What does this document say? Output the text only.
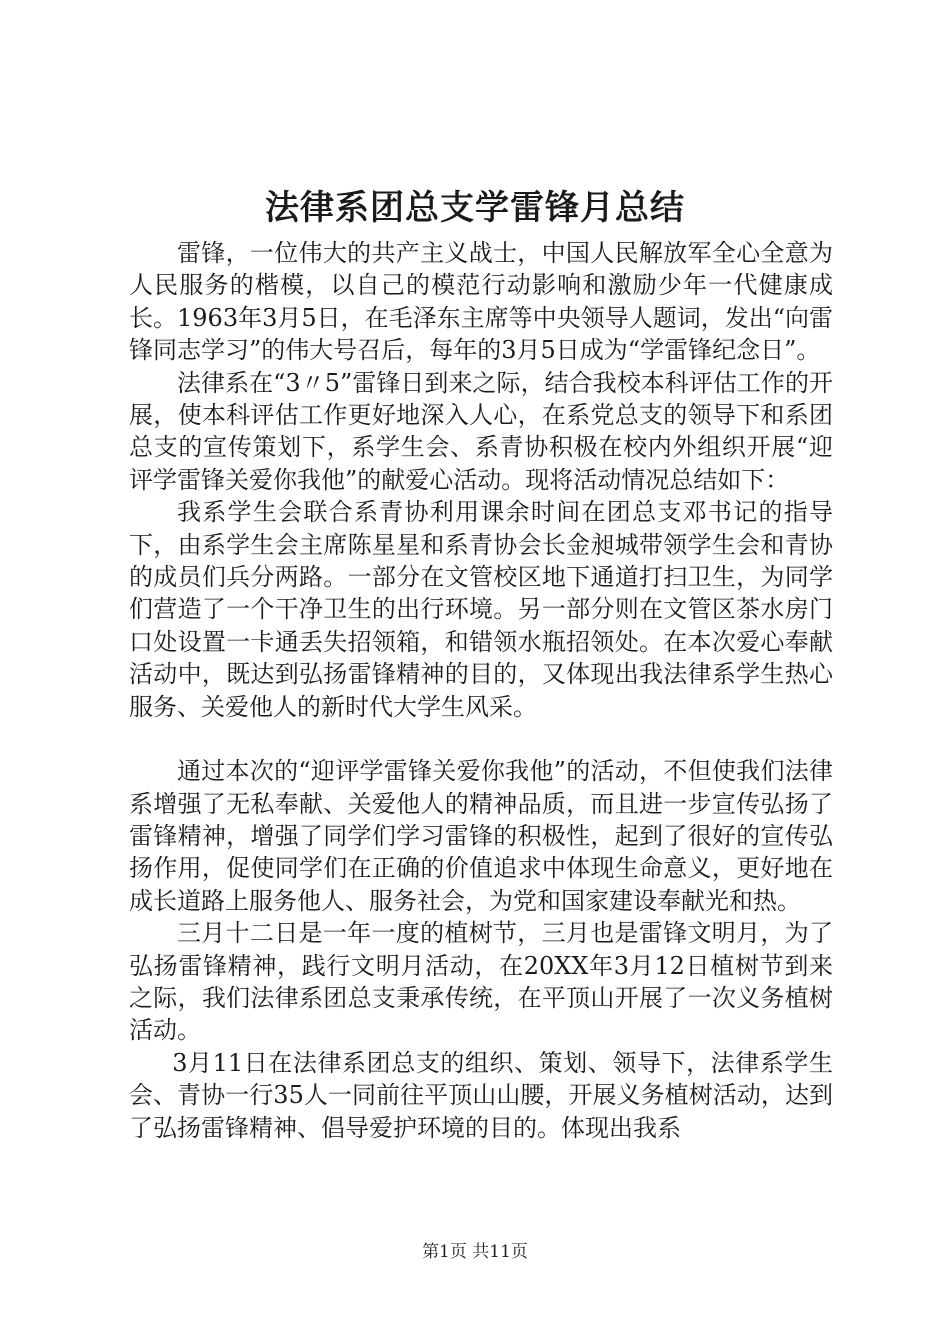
法律系团总支学雷锋月总结

雷锋，一位伟大的共产主义战士，中国人民解放军全心全意为人民服务的楷模，以自己的模范行动影响和激励少年一代健康成长。1963年3月5日，在毛泽东主席等中央领导人题词，发出“向雷锋同志学习”的伟大号召后，每年的3月5日成为“学雷锋纪念日”。

法律系在“3〃5”雷锋日到来之际，结合我校本科评估工作的开展，使本科评估工作更好地深入人心，在系党总支的领导下和系团总支的宣传策划下，系学生会、系青协积极在校内外组织开展“迎评学雷锋关爱你我他”的献爱心活动。现将活动情况总结如下：

我系学生会联合系青协利用课余时间在团总支邓书记的指导下，由系学生会主席陈星星和系青协会长金昶城带领学生会和青协的成员们兵分两路。一部分在文管校区地下通道打扫卫生，为同学们营造了一个干净卫生的出行环境。另一部分则在文管区茶水房门口处设置一卡通丢失招领箱，和错领水瓶招领处。在本次爱心奉献活动中，既达到弘扬雷锋精神的目的，又体现出我法律系学生热心服务、关爱他人的新时代大学生风采。

通过本次的“迎评学雷锋关爱你我他”的活动，不但使我们法律系增强了无私奉献、关爱他人的精神品质，而且进一步宣传弘扬了雷锋精神，增强了同学们学习雷锋的积极性，起到了很好的宣传弘扬作用，促使同学们在正确的价值追求中体现生命意义，更好地在成长道路上服务他人、服务社会，为党和国家建设奉献光和热。

三月十二日是一年一度的植树节，三月也是雷锋文明月，为了弘扬雷锋精神，践行文明月活动，在20XX年3月12日植树节到来之际，我们法律系团总支秉承传统，在平顶山开展了一次义务植树活动。

3月11日在法律系团总支的组织、策划、领导下，法律系学生会、青协一行35人一同前往平顶山山腰，开展义务植树活动，达到了弘扬雷锋精神、倡导爱护环境的目的。体现出我系

第1页 共11页
